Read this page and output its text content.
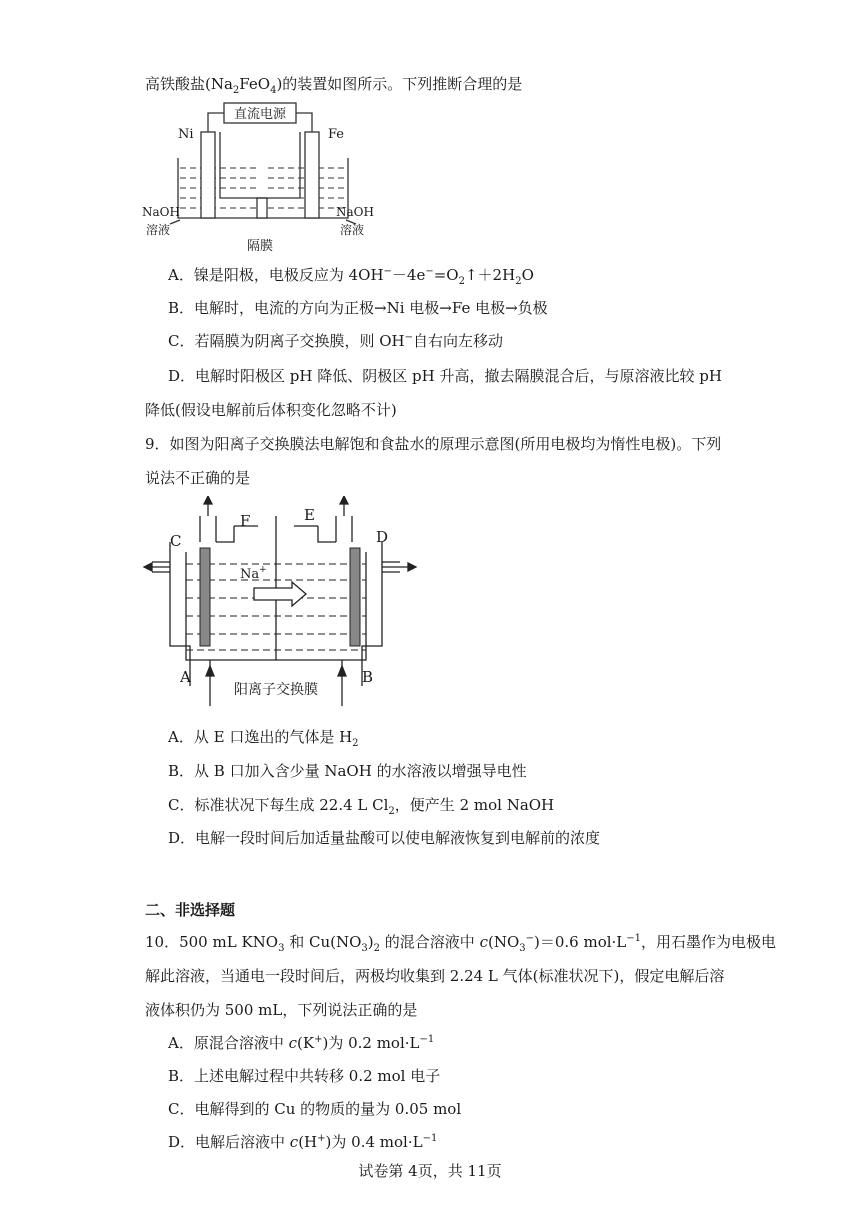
高铁酸盐$(Na_2FeO_4)$的装置如图所示。下列推断合理的是
直流电源
Ni	Fe
NaOH
溶液
NaOH
溶液
隔膜
A．镍是阳极，电极反应为 $4OH^--4e^-=O_2↑+2H_2O$
B．电解时，电流的方向为正极→Ni 电极→Fe 电极→负极
C．若隔膜为阴离子交换膜，则 OH−自右向左移动
D．电解时阳极区 pH 降低、阴极区 pH 升高，撤去隔膜混合后，与原溶液比较 pH
降低(假设电解前后体积变化忽略不计)
9．如图为阳离子交换膜法电解饱和食盐水的原理示意图(所用电极均为惰性电极)。下列
说法不正确的是
Na+
C	D
F	E
A	B
阳离子交换膜
A．从 E 口逸出的气体是 $H_2$
B．从 B 口加入含少量 NaOH 的水溶液以增强导电性
C．标准状况下每生成 22.4 L $Cl_2$，便产生 2 mol NaOH
D．电解一段时间后加适量盐酸可以使电解液恢复到电解前的浓度
二、非选择题
10．500 mL $KNO_3$ 和 $Cu(NO_3)_2$ 的混合溶液中 $c(NO_3^-)=0.6$ $mol\cdot L^{-1}$，用石墨作为电极电
解此溶液，当通电一段时间后，两极均收集到 2.24 L 气体(标准状况下)，假定电解后溶
液体积仍为 500 mL，下列说法正确的是
A．原混合溶液中 c(K+)为 0.2 $mol\cdot L^{-1}$
B．上述电解过程中共转移 0.2 mol 电子
C．电解得到的 Cu 的物质的量为 0.05 mol
D．电解后溶液中 c(H+)为 0.4 $mol\cdot L^{-1}$
试卷第 4页，共 11页
